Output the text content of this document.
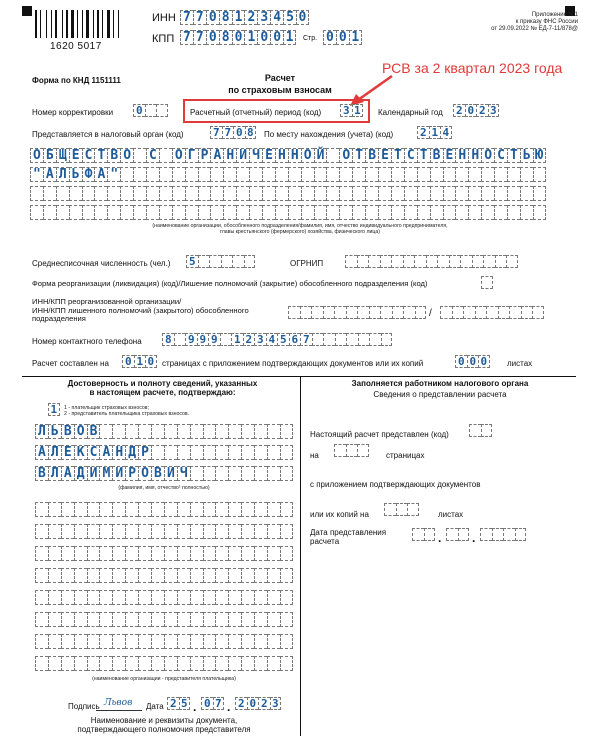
1620 5017
ИНН 7 7 0 8 1 2 3 4 5 0
КПП 7 7 0 8 0 1 0 0 1	Стр. 0 0 1
Приложение N 1
к приказу ФНС России
от 29.09.2022 № ЕД-7-11/878@
Форма по КНД 1151111	Расчет
по страховым взносам
РСВ за 2 квартал 2023 года
Номер корректировки 0	Расчетный (отчетный) период (код) 3 1	Календарный год 2 0 2 3
Представляется в налоговый орган (код)	7 7 0 8	По месту нахождения (учета) (код) 2 1 4
О Б Щ Е С Т В О С О Г Р А Н И Ч Е Н Н О Й О Т В Е Т С Т В Е Н Н О С Т Ь Ю
" А Л Ь Ф А "
(наименование организации, обособленного подразделения/фамилия, имя, отчество индивидуального предпринимателя,
главы крестьянского (фермерского) хозяйства, физического лица)
Среднесписочная численность (чел.) 5	ОГРНИП
Форма реорганизации (ликвидация) (код)/Лишение полномочий (закрытие) обособленного подразделения (код)
ИНН/КПП реорганизованной организации/
ИНН/КПП лишенного полномочий (закрытого) обособленного
подразделения	/
Номер контактного телефона 8 9 9 9 1 2 3 4 5 6 7
Расчет составлен на 0 1 0 страницах с приложением подтверждающих документов или их копий	0 0 0	листах
Достоверность и полноту сведений, указанных
в настоящем расчете, подтверждаю:
1	1 - плательщик страховых взносов;
2 - представитель плательщика страховых взносов.
Л Ь В О В
А Л Е К С А Н Д Р
В Л А Д И М И Р О В И Ч
(фамилия, имя, отчество¹ полностью)
(наименование организации - представителя плательщика)
Подпись Львов Дата 2 5 . 0 7 . 2 0 2 3
Наименование и реквизиты документа,
подтверждающего полномочия представителя
Заполняется работником налогового органа
Сведения о представлении расчета
Настоящий расчет представлен (код)
на	страницах
с приложением подтверждающих документов
или их копий на	листах
Дата представления
расчета	.	.
